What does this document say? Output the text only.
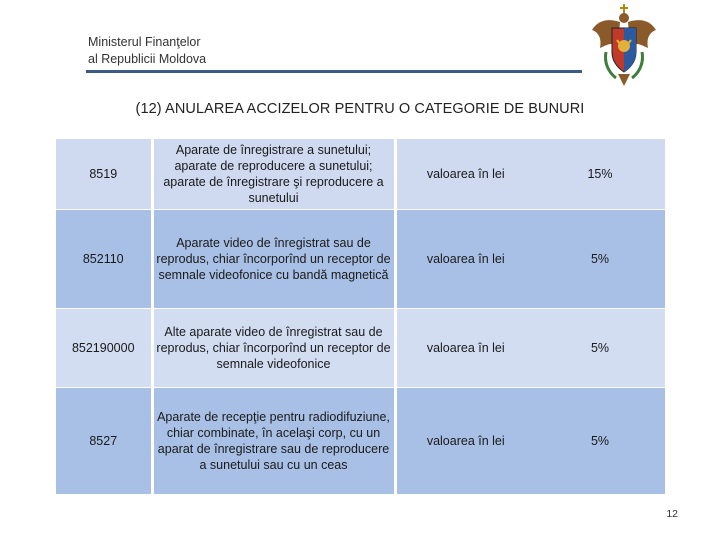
Ministerul Finanţelor
al Republicii Moldova
(12) ANULAREA ACCIZELOR PENTRU O CATEGORIE DE BUNURI
8519	Aparate de înregistrare a sunetului; aparate de reproducere a sunetului; aparate de înregistrare şi reproducere a sunetului	valoarea în lei	15%
852110	Aparate video de înregistrat sau de reprodus, chiar încorporînd un receptor de semnale videofonice cu bandă magnetică	valoarea în lei	5%
852190000	Alte aparate video de înregistrat sau de reprodus, chiar încorporînd un receptor de semnale videofonice	valoarea în lei	5%
8527	Aparate de recepţie pentru radiodifuziune, chiar combinate, în acelaşi corp, cu un aparat de înregistrare sau de reproducere a sunetului sau cu un ceas	valoarea în lei	5%
12
